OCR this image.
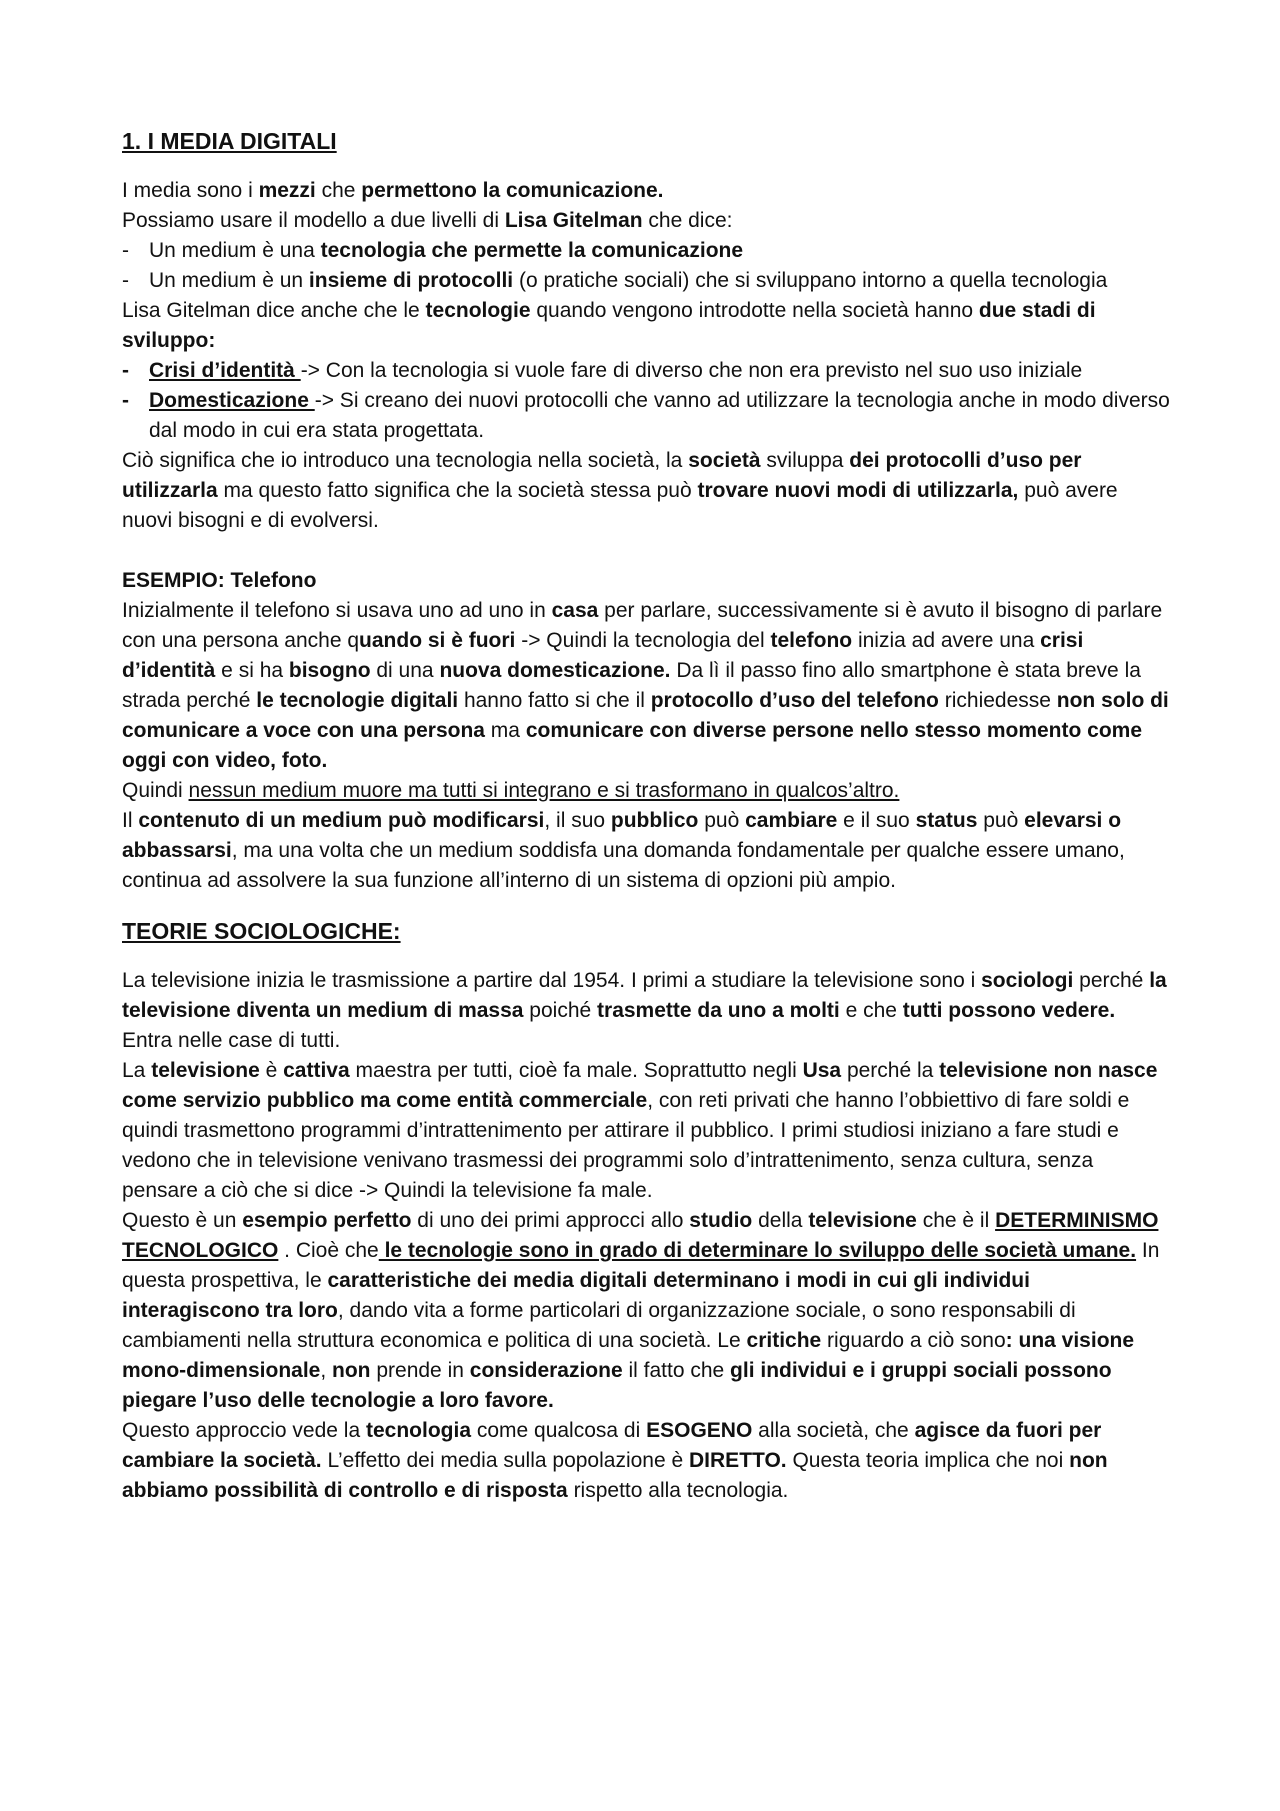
1. I MEDIA DIGITALI

I media sono i mezzi che permettono la comunicazione.

Possiamo usare il modello a due livelli di Lisa Gitelman che dice:

- Un medium è una tecnologia che permette la comunicazione
- Un medium è un insieme di protocolli (o pratiche sociali) che si sviluppano intorno a quella tecnologia

Lisa Gitelman dice anche che le tecnologie quando vengono introdotte nella società hanno due stadi di sviluppo:

- Crisi d’identità -> Con la tecnologia si vuole fare di diverso che non era previsto nel suo uso iniziale
- Domesticazione -> Si creano dei nuovi protocolli che vanno ad utilizzare la tecnologia anche in modo diverso dal modo in cui era stata progettata.

Ciò significa che io introduco una tecnologia nella società, la società sviluppa dei protocolli d’uso per utilizzarla ma questo fatto significa che la società stessa può trovare nuovi modi di utilizzarla, può avere nuovi bisogni e di evolversi.

ESEMPIO: Telefono

Inizialmente il telefono si usava uno ad uno in casa per parlare, successivamente si è avuto il bisogno di parlare con una persona anche quando si è fuori -> Quindi la tecnologia del telefono inizia ad avere una crisi d’identità e si ha bisogno di una nuova domesticazione. Da lì il passo fino allo smartphone è stata breve la strada perché le tecnologie digitali hanno fatto si che il protocollo d’uso del telefono richiedesse non solo di comunicare a voce con una persona ma comunicare con diverse persone nello stesso momento come oggi con video, foto.

Quindi nessun medium muore ma tutti si integrano e si trasformano in qualcos’altro.

Il contenuto di un medium può modificarsi, il suo pubblico può cambiare e il suo status può elevarsi o abbassarsi, ma una volta che un medium soddisfa una domanda fondamentale per qualche essere umano, continua ad assolvere la sua funzione all’interno di un sistema di opzioni più ampio.

TEORIE SOCIOLOGICHE:

La televisione inizia le trasmissione a partire dal 1954. I primi a studiare la televisione sono i sociologi perché la televisione diventa un medium di massa poiché trasmette da uno a molti e che tutti possono vedere. Entra nelle case di tutti.

La televisione è cattiva maestra per tutti, cioè fa male. Soprattutto negli Usa perché la televisione non nasce come servizio pubblico ma come entità commerciale, con reti privati che hanno l’obbiettivo di fare soldi e quindi trasmettono programmi d’intrattenimento per attirare il pubblico. I primi studiosi iniziano a fare studi e vedono che in televisione venivano trasmessi dei programmi solo d’intrattenimento, senza cultura, senza pensare a ciò che si dice -> Quindi la televisione fa male.

Questo è un esempio perfetto di uno dei primi approcci allo studio della televisione che è il DETERMINISMO TECNOLOGICO . Cioè che le tecnologie sono in grado di determinare lo sviluppo delle società umane. In questa prospettiva, le caratteristiche dei media digitali determinano i modi in cui gli individui interagiscono tra loro, dando vita a forme particolari di organizzazione sociale, o sono responsabili di cambiamenti nella struttura economica e politica di una società. Le critiche riguardo a ciò sono: una visione mono-dimensionale, non prende in considerazione il fatto che gli individui e i gruppi sociali possono piegare l’uso delle tecnologie a loro favore.

Questo approccio vede la tecnologia come qualcosa di ESOGENO alla società, che agisce da fuori per cambiare la società. L’effetto dei media sulla popolazione è DIRETTO. Questa teoria implica che noi non abbiamo possibilità di controllo e di risposta rispetto alla tecnologia.
